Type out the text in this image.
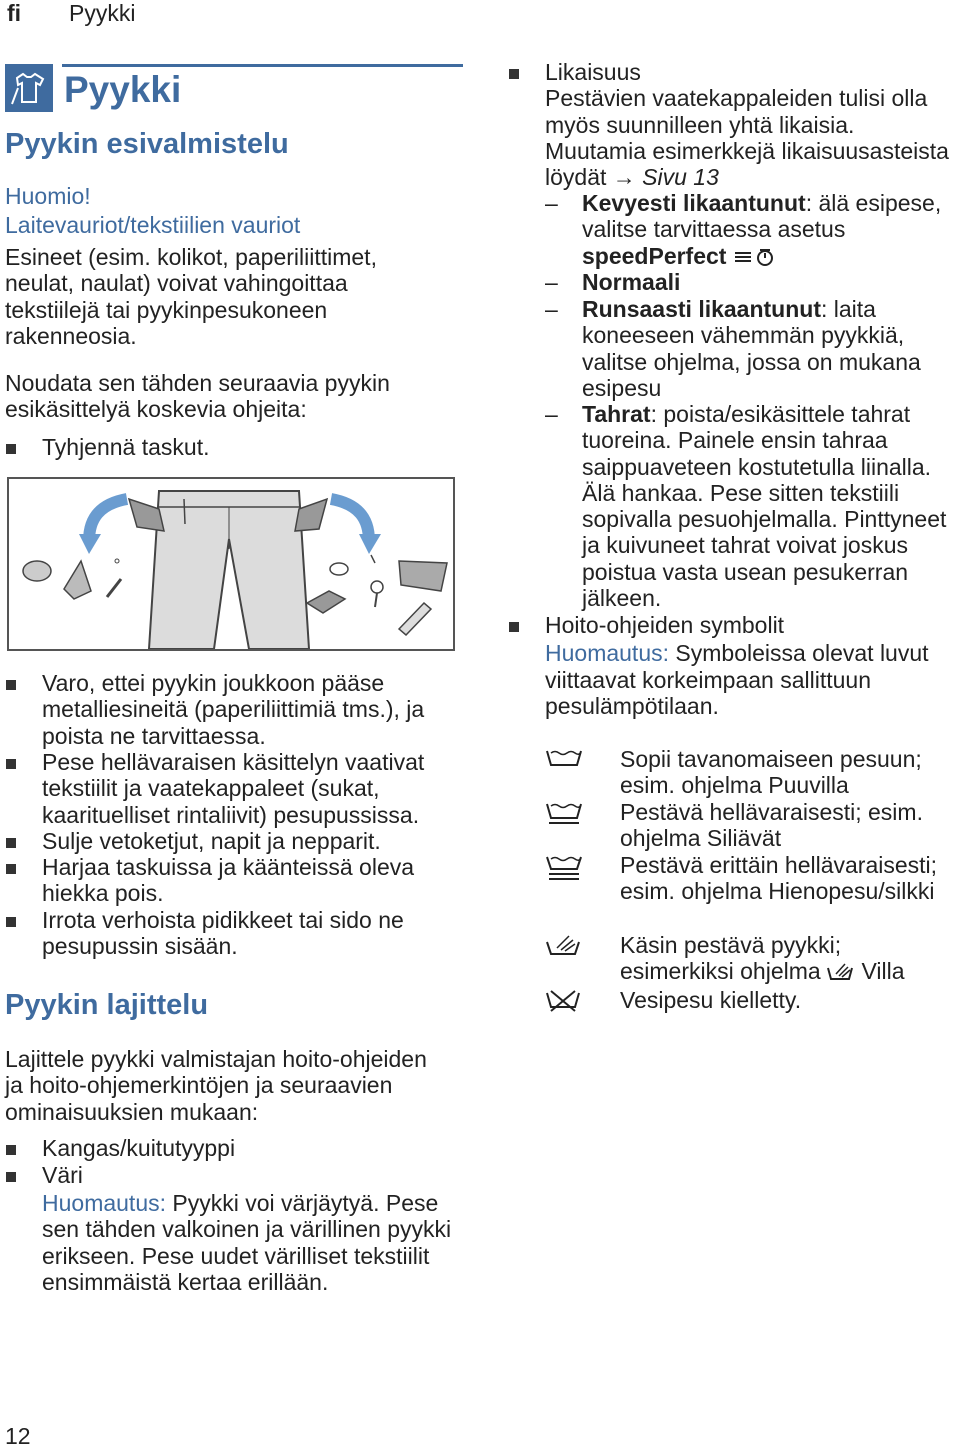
fi Pyykki
Pyykki
Pyykin esivalmistelu
Huomio!
Laitevauriot/tekstiilien vauriot

Esineet (esim. kolikot, paperiliittimet, neulat, naulat) voivat vahingoittaa tekstiilejä tai pyykinpesukoneen rakenneosia.

Noudata sen tähden seuraavia pyykin esikäsittelyä koskevia ohjeita:

Tyhjennä taskut.

Varo, ettei pyykin joukkoon pääse metalliesineitä (paperiliittimiä tms.), ja poista ne tarvittaessa.

Pese hellävaraisen käsittelyn vaativat tekstiilit ja vaatekappaleet (sukat, kaarituelliset rintaliivit) pesupussissa.

Sulje vetoketjut, napit ja nepparit.

Harjaa taskuissa ja käänteissä oleva hiekka pois.

Irrota verhoista pidikkeet tai sido ne pesupussin sisään.

Pyykin lajittelu

Lajittele pyykki valmistajan hoito-ohjeiden ja hoito-ohjemerkintöjen ja seuraavien ominaisuuksien mukaan:

Kangas/kuitutyyppi

Väri

Huomautus: Pyykki voi värjäytyä. Pese sen tähden valkoinen ja värillinen pyykki erikseen. Pese uudet värilliset tekstiilit ensimmäistä kertaa erillään.

12

Likaisuus

Pestävien vaatekappaleiden tulisi olla myös suunnilleen yhtä likaisia. Muutamia esimerkkejä likaisuusasteista löydät → Sivu 13

– Kevyesti likaantunut: älä esipese, valitse tarvittaessa asetus speedPerfect

– Normaali

– Runsaasti likaantunut: laita koneeseen vähemmän pyykkiä, valitse ohjelma, jossa on mukana esipesu

– Tahrat: poista/esikäsittele tahrat tuoreina. Painele ensin tahraa saippuaveteen kostutetulla liinalla. Älä hankaa. Pese sitten tekstiili sopivalla pesuohjelmalla. Pinttyneet ja kuivuneet tahrat voivat joskus poistua vasta usean pesukerran jälkeen.

Hoito-ohjeiden symbolit

Huomautus: Symboleissa olevat luvut viittaavat korkeimpaan sallittuun pesulämpötilaan.

Sopii tavanomaiseen pesuun; esim. ohjelma Puuvilla

Pestävä hellävaraisesti; esim. ohjelma Siliävät

Pestävä erittäin hellävaraisesti; esim. ohjelma Hienopesu/silkki

Käsin pestävä pyykki; esimerkiksi ohjelma  Villa

Vesipesu kielletty.
